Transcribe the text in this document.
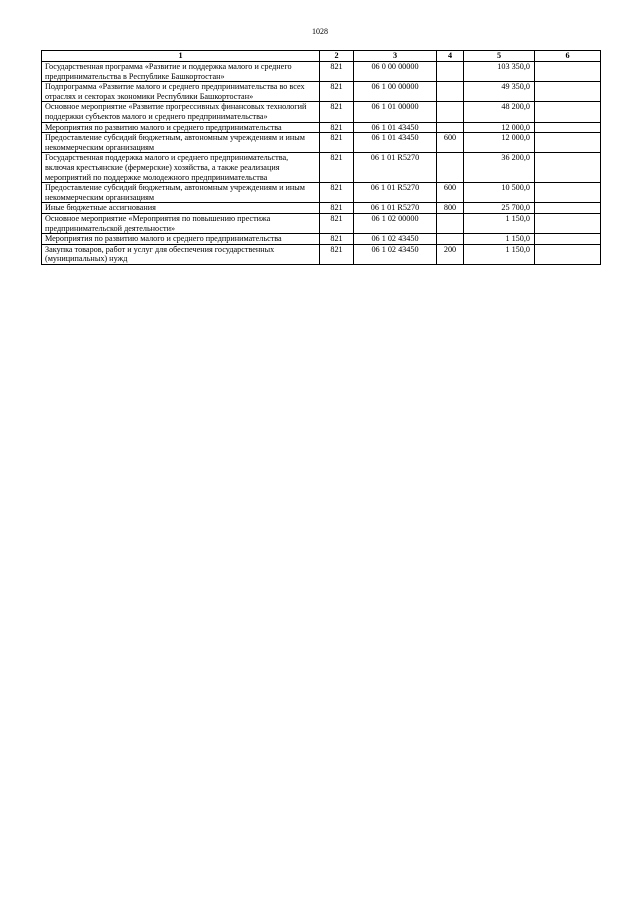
1028
1	2	3	4	5	6
Государственная программа «Развитие и поддержка малого и среднего предпринимательства в Республике Башкортостан»	821	06 0 00 00000		103 350,0	
Подпрограмма «Развитие малого и среднего предпринимательства во всех отраслях и секторах экономики Республики Башкортостан»	821	06 1 00 00000		49 350,0	
Основное мероприятие «Развитие прогрессивных финансовых технологий поддержки субъектов малого и среднего предпринимательства»	821	06 1 01 00000		48 200,0	
Мероприятия по развитию малого и среднего предпринимательства	821	06 1 01 43450		12 000,0	
Предоставление субсидий бюджетным, автономным учреждениям и иным некоммерческим организациям	821	06 1 01 43450	600	12 000,0	
Государственная поддержка малого и среднего предпринимательства, включая крестьянские (фермерские) хозяйства, а также реализация мероприятий по поддержке молодежного предпринимательства	821	06 1 01 R5270		36 200,0	
Предоставление субсидий бюджетным, автономным учреждениям и иным некоммерческим организациям	821	06 1 01 R5270	600	10 500,0	
Иные бюджетные ассигнования	821	06 1 01 R5270	800	25 700,0	
Основное мероприятие «Мероприятия по повышению престижа предпринимательской деятельности»	821	06 1 02 00000		1 150,0	
Мероприятия по развитию малого и среднего предпринимательства	821	06 1 02 43450		1 150,0	
Закупка товаров, работ и услуг для обеспечения государственных (муниципальных) нужд	821	06 1 02 43450	200	1 150,0	
